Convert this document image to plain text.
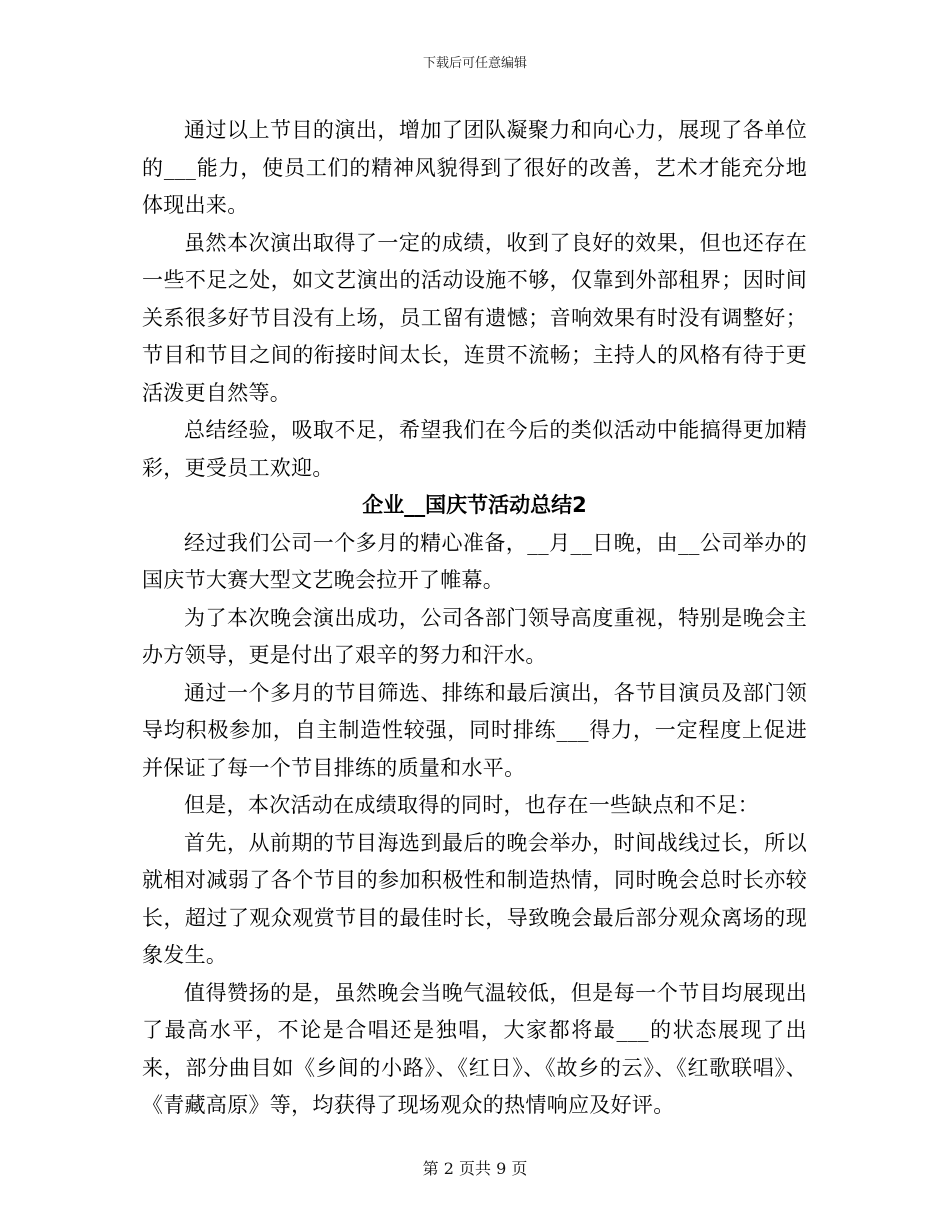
下载后可任意编辑

通过以上节目的演出，增加了团队凝聚力和向心力，展现了各单位的___能力，使员工们的精神风貌得到了很好的改善，艺术才能充分地体现出来。

虽然本次演出取得了一定的成绩，收到了良好的效果，但也还存在一些不足之处，如文艺演出的活动设施不够，仅靠到外部租界；因时间关系很多好节目没有上场，员工留有遗憾；音响效果有时没有调整好；节目和节目之间的衔接时间太长，连贯不流畅；主持人的风格有待于更活泼更自然等。

总结经验，吸取不足，希望我们在今后的类似活动中能搞得更加精彩，更受员工欢迎。

企业__国庆节活动总结2

经过我们公司一个多月的精心准备，__月__日晚，由__公司举办的国庆节大赛大型文艺晚会拉开了帷幕。

为了本次晚会演出成功，公司各部门领导高度重视，特别是晚会主办方领导，更是付出了艰辛的努力和汗水。

通过一个多月的节目筛选、排练和最后演出，各节目演员及部门领导均积极参加，自主制造性较强，同时排练___得力，一定程度上促进并保证了每一个节目排练的质量和水平。

但是，本次活动在成绩取得的同时，也存在一些缺点和不足：

首先，从前期的节目海选到最后的晚会举办，时间战线过长，所以就相对减弱了各个节目的参加积极性和制造热情，同时晚会总时长亦较长，超过了观众观赏节目的最佳时长，导致晚会最后部分观众离场的现象发生。

值得赞扬的是，虽然晚会当晚气温较低，但是每一个节目均展现出了最高水平，不论是合唱还是独唱，大家都将最___的状态展现了出来，部分曲目如《乡间的小路》、《红日》、《故乡的云》、《红歌联唱》、《青藏高原》等，均获得了现场观众的热情响应及好评。

第 2 页共 9 页
